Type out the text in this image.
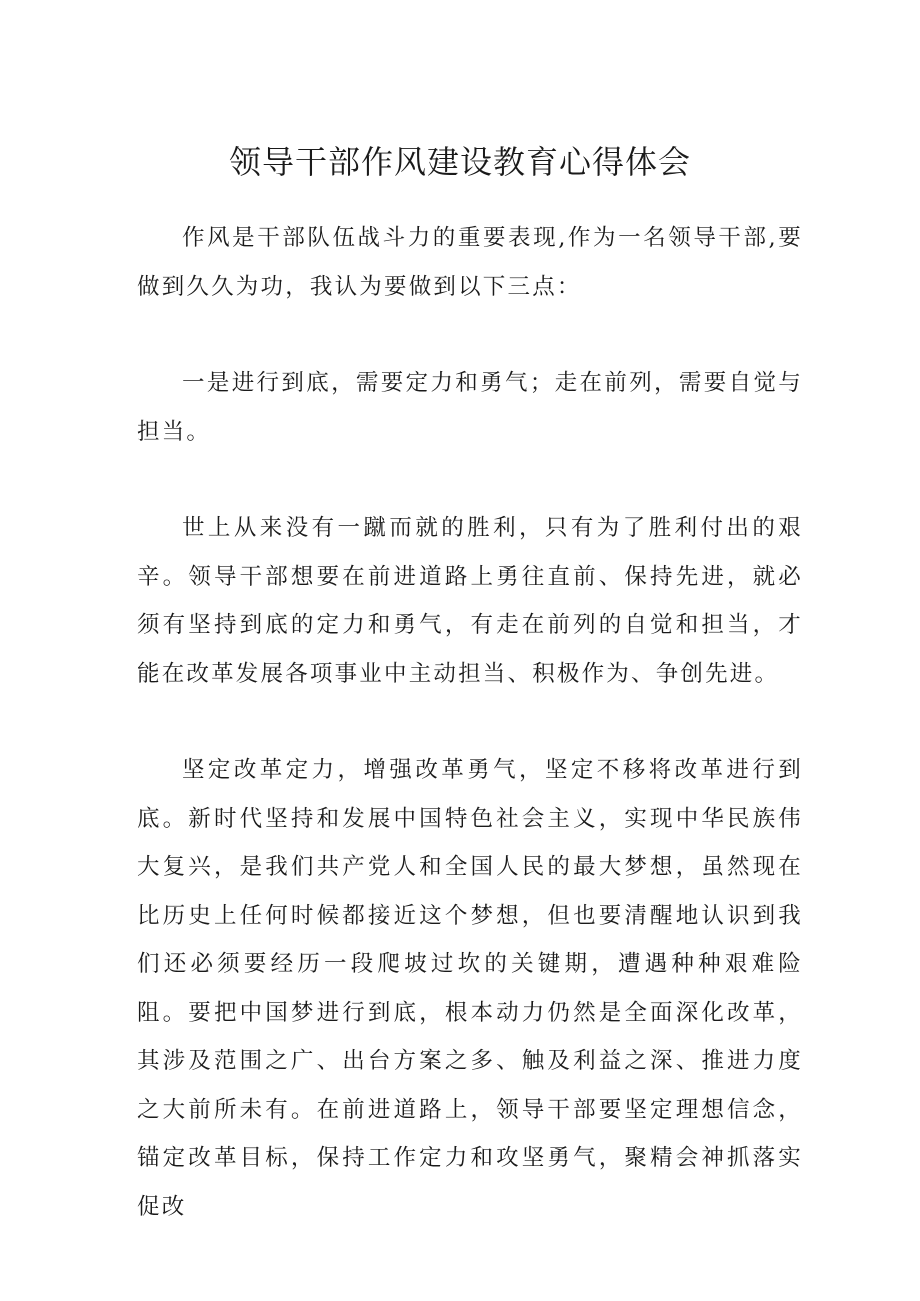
领导干部作风建设教育心得体会

作风是干部队伍战斗力的重要表现,作为一名领导干部,要做到久久为功，我认为要做到以下三点：

一是进行到底，需要定力和勇气；走在前列，需要自觉与担当。

世上从来没有一蹴而就的胜利，只有为了胜利付出的艰辛。领导干部想要在前进道路上勇往直前、保持先进，就必须有坚持到底的定力和勇气，有走在前列的自觉和担当，才能在改革发展各项事业中主动担当、积极作为、争创先进。

坚定改革定力，增强改革勇气，坚定不移将改革进行到底。新时代坚持和发展中国特色社会主义，实现中华民族伟大复兴，是我们共产党人和全国人民的最大梦想，虽然现在比历史上任何时候都接近这个梦想，但也要清醒地认识到我们还必须要经历一段爬坡过坎的关键期，遭遇种种艰难险阻。要把中国梦进行到底，根本动力仍然是全面深化改革，其涉及范围之广、出台方案之多、触及利益之深、推进力度之大前所未有。在前进道路上，领导干部要坚定理想信念，锚定改革目标，保持工作定力和攻坚勇气，聚精会神抓落实促改
